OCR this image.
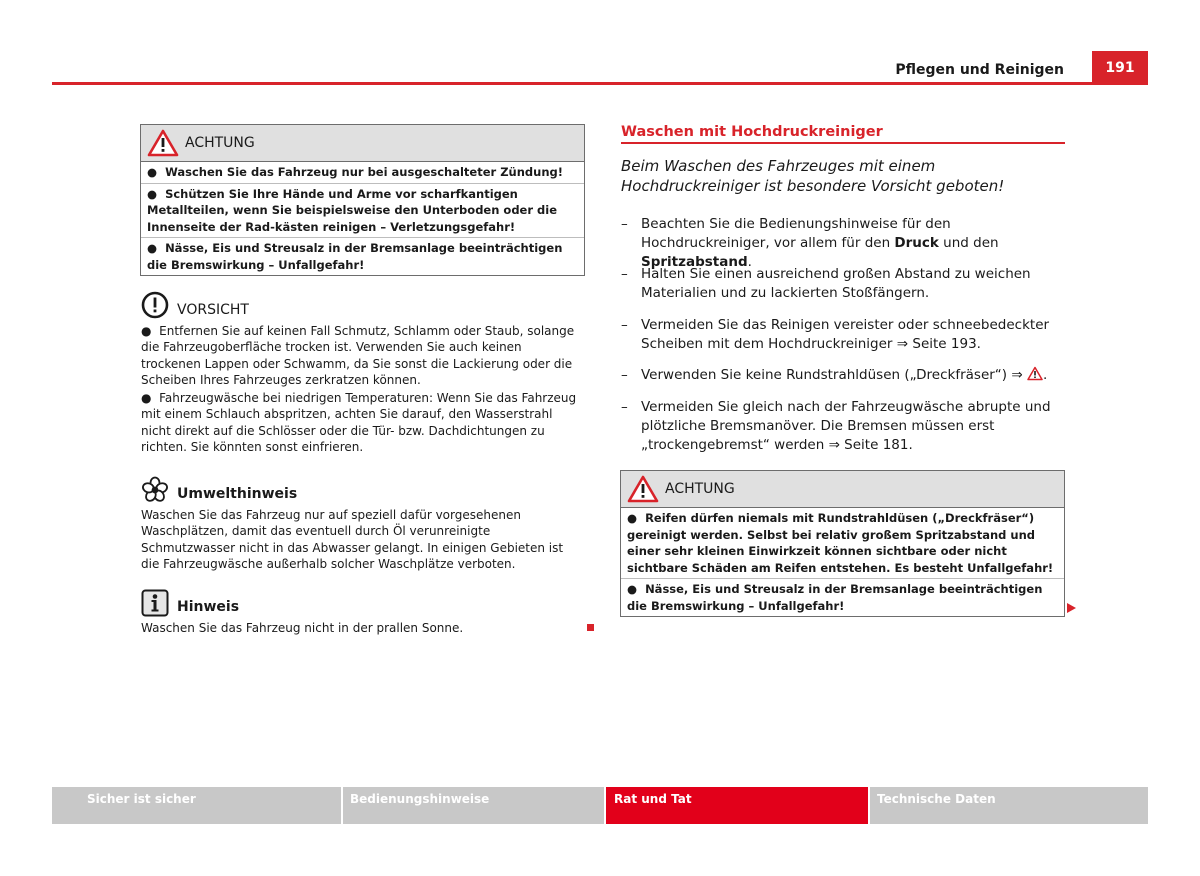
Pflegen und Reinigen	191
ACHTUNG
● Waschen Sie das Fahrzeug nur bei ausgeschalteter Zündung!
● Schützen Sie Ihre Hände und Arme vor scharfkantigen Metallteilen, wenn Sie beispielsweise den Unterboden oder die Innenseite der Rad-kästen reinigen – Verletzungsgefahr!
● Nässe, Eis und Streusalz in der Bremsanlage beeinträchtigen die Bremswirkung – Unfallgefahr!
VORSICHT

● Entfernen Sie auf keinen Fall Schmutz, Schlamm oder Staub, solange die Fahrzeugoberfläche trocken ist. Verwenden Sie auch keinen trockenen Lappen oder Schwamm, da Sie sonst die Lackierung oder die Scheiben Ihres Fahrzeuges zerkratzen können.

● Fahrzeugwäsche bei niedrigen Temperaturen: Wenn Sie das Fahrzeug mit einem Schlauch abspritzen, achten Sie darauf, den Wasserstrahl nicht direkt auf die Schlösser oder die Tür- bzw. Dachdichtungen zu richten. Sie könnten sonst einfrieren.

Umwelthinweis
Waschen Sie das Fahrzeug nur auf speziell dafür vorgesehenen Waschplätzen, damit das eventuell durch Öl verunreinigte Schmutzwasser nicht in das Abwasser gelangt. In einigen Gebieten ist die Fahrzeugwäsche außerhalb solcher Waschplätze verboten.
Hinweis
Waschen Sie das Fahrzeug nicht in der prallen Sonne.
Waschen mit Hochdruckreiniger
Beim Waschen des Fahrzeuges mit einem Hochdruckreiniger ist besondere Vorsicht geboten!
– Beachten Sie die Bedienungshinweise für den Hochdruckreiniger, vor allem für den Druck und den Spritzabstand.
– Halten Sie einen ausreichend großen Abstand zu weichen Materialien und zu lackierten Stoßfängern.
– Vermeiden Sie das Reinigen vereister oder schneebedeckter Scheiben mit dem Hochdruckreiniger ⇒ Seite 193.
– Verwenden Sie keine Rundstrahldüsen („Dreckfräser“) ⇒ .
– Vermeiden Sie gleich nach der Fahrzeugwäsche abrupte und plötzliche Bremsmanöver. Die Bremsen müssen erst „trockengebremst“ werden ⇒ Seite 181.
ACHTUNG
● Reifen dürfen niemals mit Rundstrahldüsen („Dreckfräser“) gereinigt werden. Selbst bei relativ großem Spritzabstand und einer sehr kleinen Einwirkzeit können sichtbare oder nicht sichtbare Schäden am Reifen entstehen. Es besteht Unfallgefahr!
● Nässe, Eis und Streusalz in der Bremsanlage beeinträchtigen die Bremswirkung – Unfallgefahr!
Sicher ist sicher	Bedienungshinweise	Rat und Tat	Technische Daten
